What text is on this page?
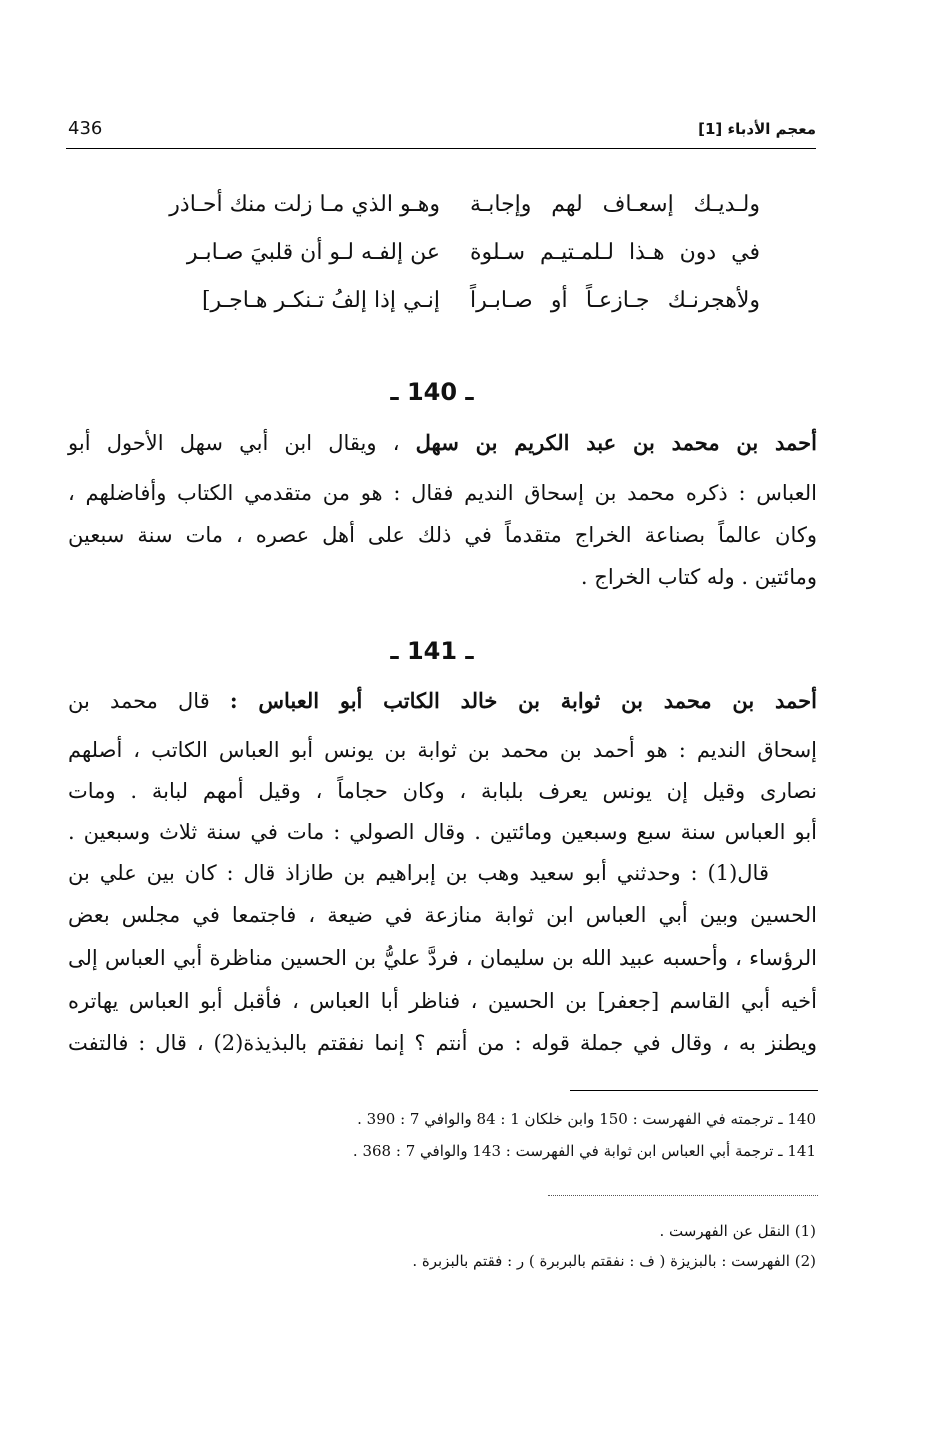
معجم الأدباء [1]
436
ولـديـك إسعـاف لهم وإجابـة
وهـو الذي مـا زلت منك أحـاذر
في دون هـذا لـلمـتيـم سـلوة
عن إلفـه لـو أن قلبيَ صـابـر
ولأهجرنـك جـازعـاً أو صـابـراً
إنـي إذا إلفُ تـنكـر هـاجـر]
ـ 140 ـ
أحمد بن محمد بن عبد الكريم بن سهل ، ويقال ابن أبي سهل الأحول أبو
العباس : ذكره محمد بن إسحاق النديم فقال : هو من متقدمي الكتاب وأفاضلهم ،
وكان عالماً بصناعة الخراج متقدماً في ذلك على أهل عصره ، مات سنة سبعين
ومائتين . وله كتاب الخراج .
ـ 141 ـ
أحمد بن محمد بن ثوابة بن خالد الكاتب أبو العباس : قال محمد بن
إسحاق النديم : هو أحمد بن محمد بن ثوابة بن يونس أبو العباس الكاتب ، أصلهم
نصارى وقيل إن يونس يعرف بلبابة ، وكان حجاماً ، وقيل أمهم لبابة . ومات
أبو العباس سنة سبع وسبعين ومائتين . وقال الصولي : مات في سنة ثلاث وسبعين .
قال(1) : وحدثني أبو سعيد وهب بن إبراهيم بن طازاذ قال : كان بين علي بن
الحسين وبين أبي العباس ابن ثوابة منازعة في ضيعة ، فاجتمعا في مجلس بعض
الرؤساء ، وأحسبه عبيد الله بن سليمان ، فردَّ عليُّ بن الحسين مناظرة أبي العباس إلى
أخيه أبي القاسم [جعفر] بن الحسين ، فناظر أبا العباس ، فأقبل أبو العباس يهاتره
ويطنز به ، وقال في جملة قوله : من أنتم ؟ إنما نفقتم بالبذيذة(2) ، قال : فالتفت
140 ـ ترجمته في الفهرست : 150 وابن خلكان 1 : 84 والوافي 7 : 390 .
141 ـ ترجمة أبي العباس ابن ثوابة في الفهرست : 143 والوافي 7 : 368 .
(1) النقل عن الفهرست .
(2) الفهرست : بالبزيزة ( ف : نفقتم بالبربرة ) ر : فقتم بالبزبرة .
